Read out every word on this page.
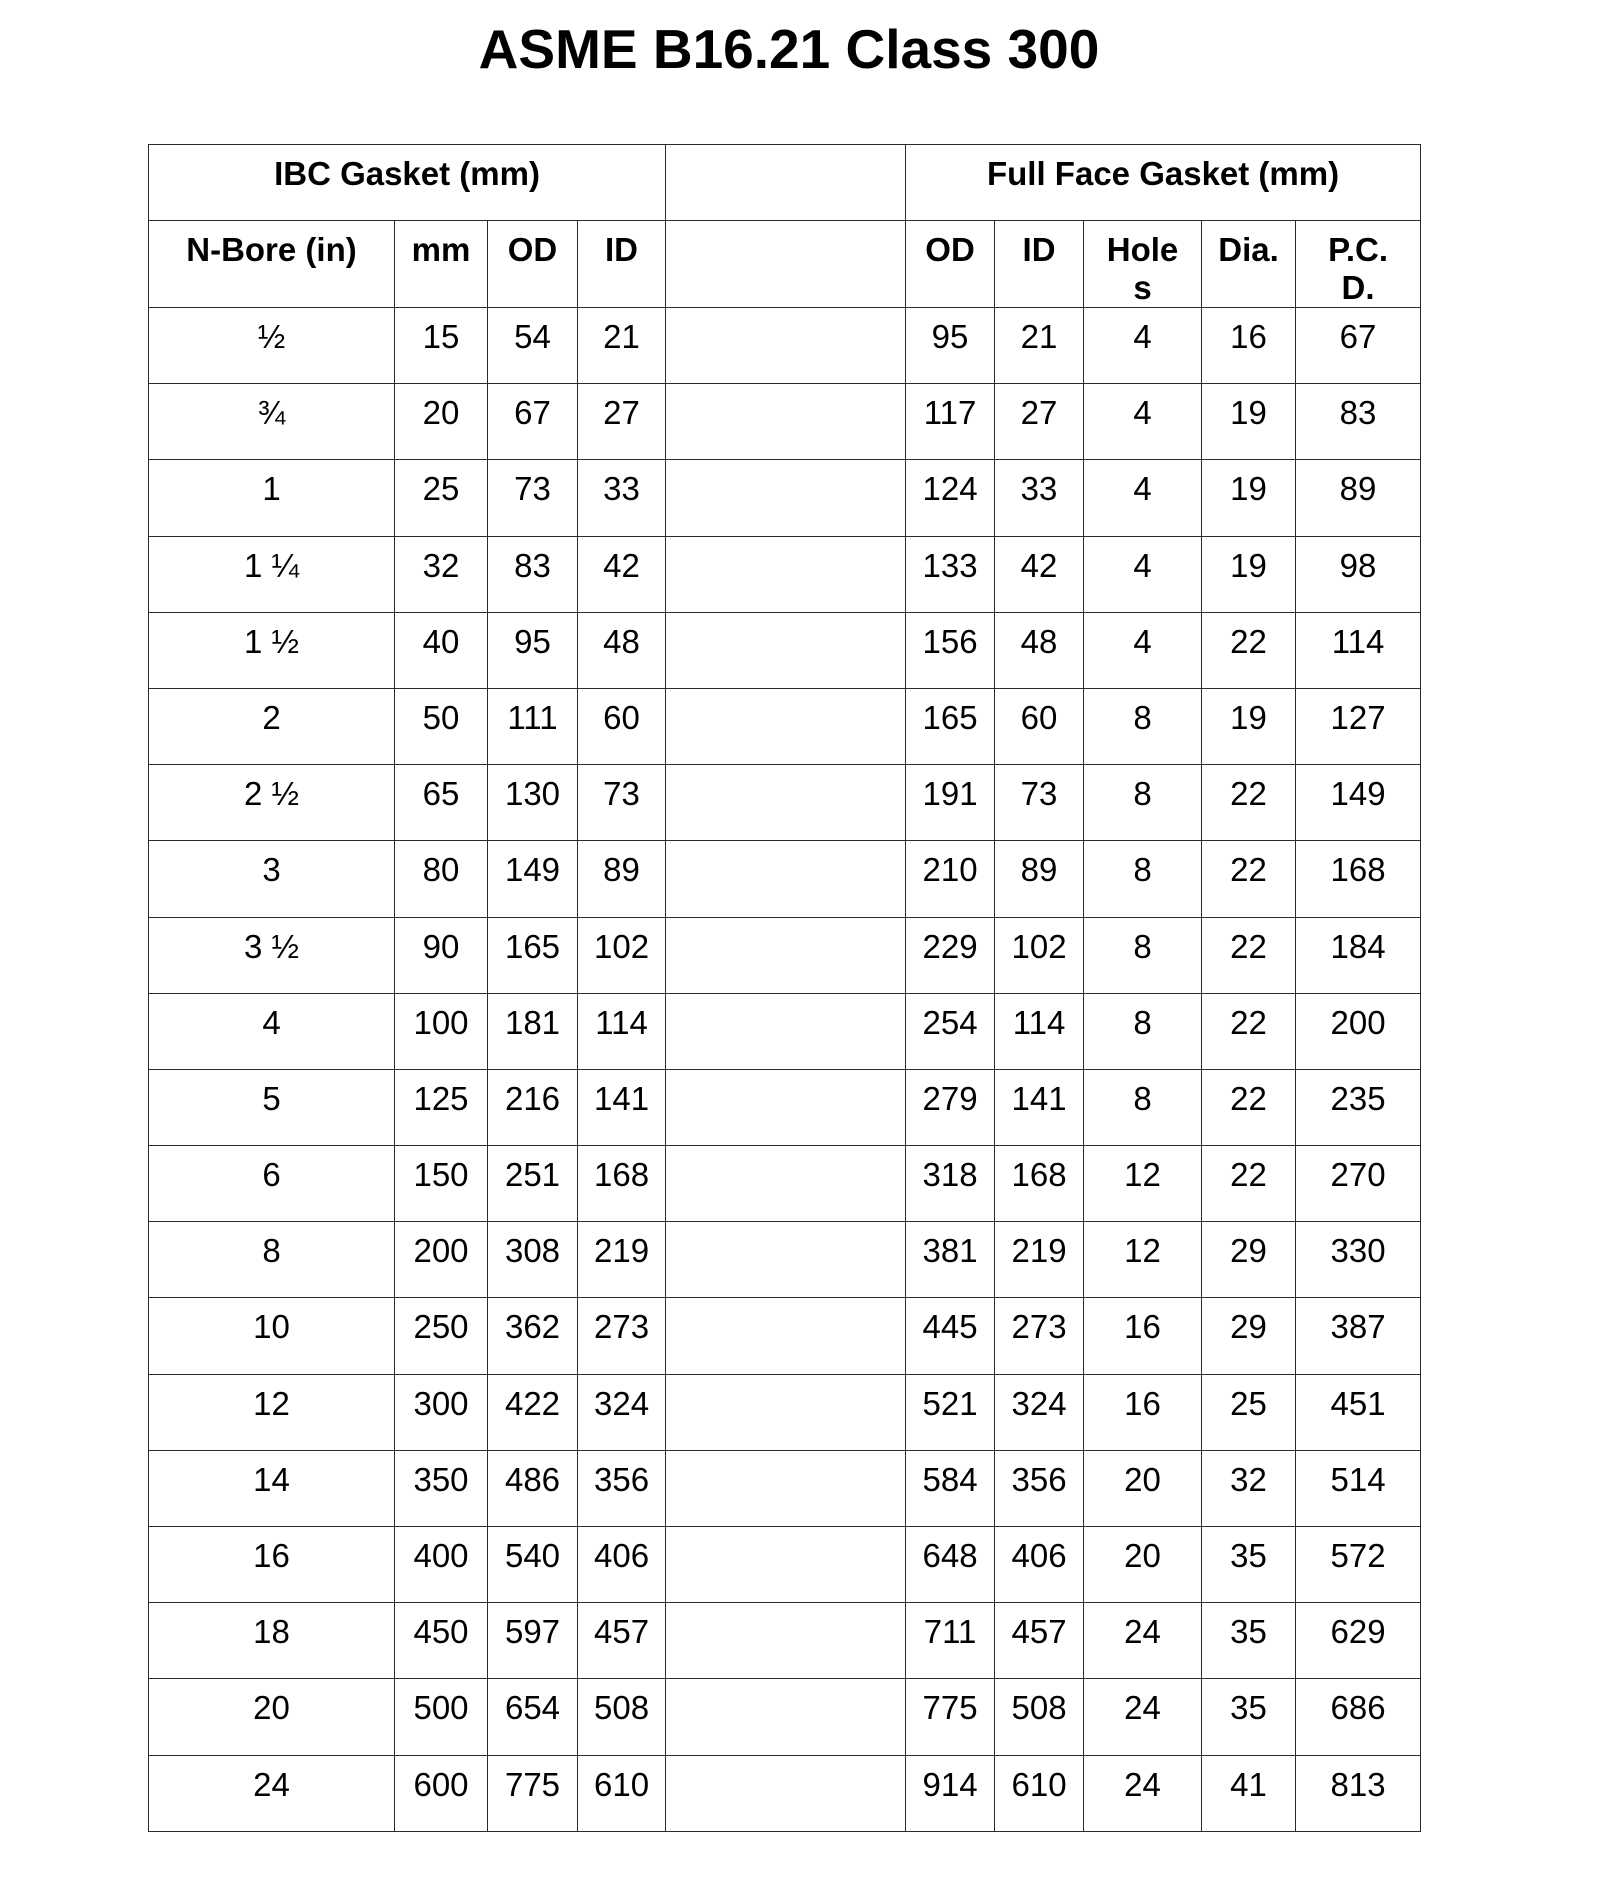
ASME B16.21 Class 300
IBC Gasket (mm)					Full Face Gasket (mm)				
N-Bore (in)	mm	OD	ID		OD	ID	Holes	Dia.	P.C.D.
½	15	54	21		95	21	4	16	67
¾	20	67	27		117	27	4	19	83
1	25	73	33		124	33	4	19	89
1 ¼	32	83	42		133	42	4	19	98
1 ½	40	95	48		156	48	4	22	114
2	50	111	60		165	60	8	19	127
2 ½	65	130	73		191	73	8	22	149
3	80	149	89		210	89	8	22	168
3 ½	90	165	102		229	102	8	22	184
4	100	181	114		254	114	8	22	200
5	125	216	141		279	141	8	22	235
6	150	251	168		318	168	12	22	270
8	200	308	219		381	219	12	29	330
10	250	362	273		445	273	16	29	387
12	300	422	324		521	324	16	25	451
14	350	486	356		584	356	20	32	514
16	400	540	406		648	406	20	35	572
18	450	597	457		711	457	24	35	629
20	500	654	508		775	508	24	35	686
24	600	775	610		914	610	24	41	813
